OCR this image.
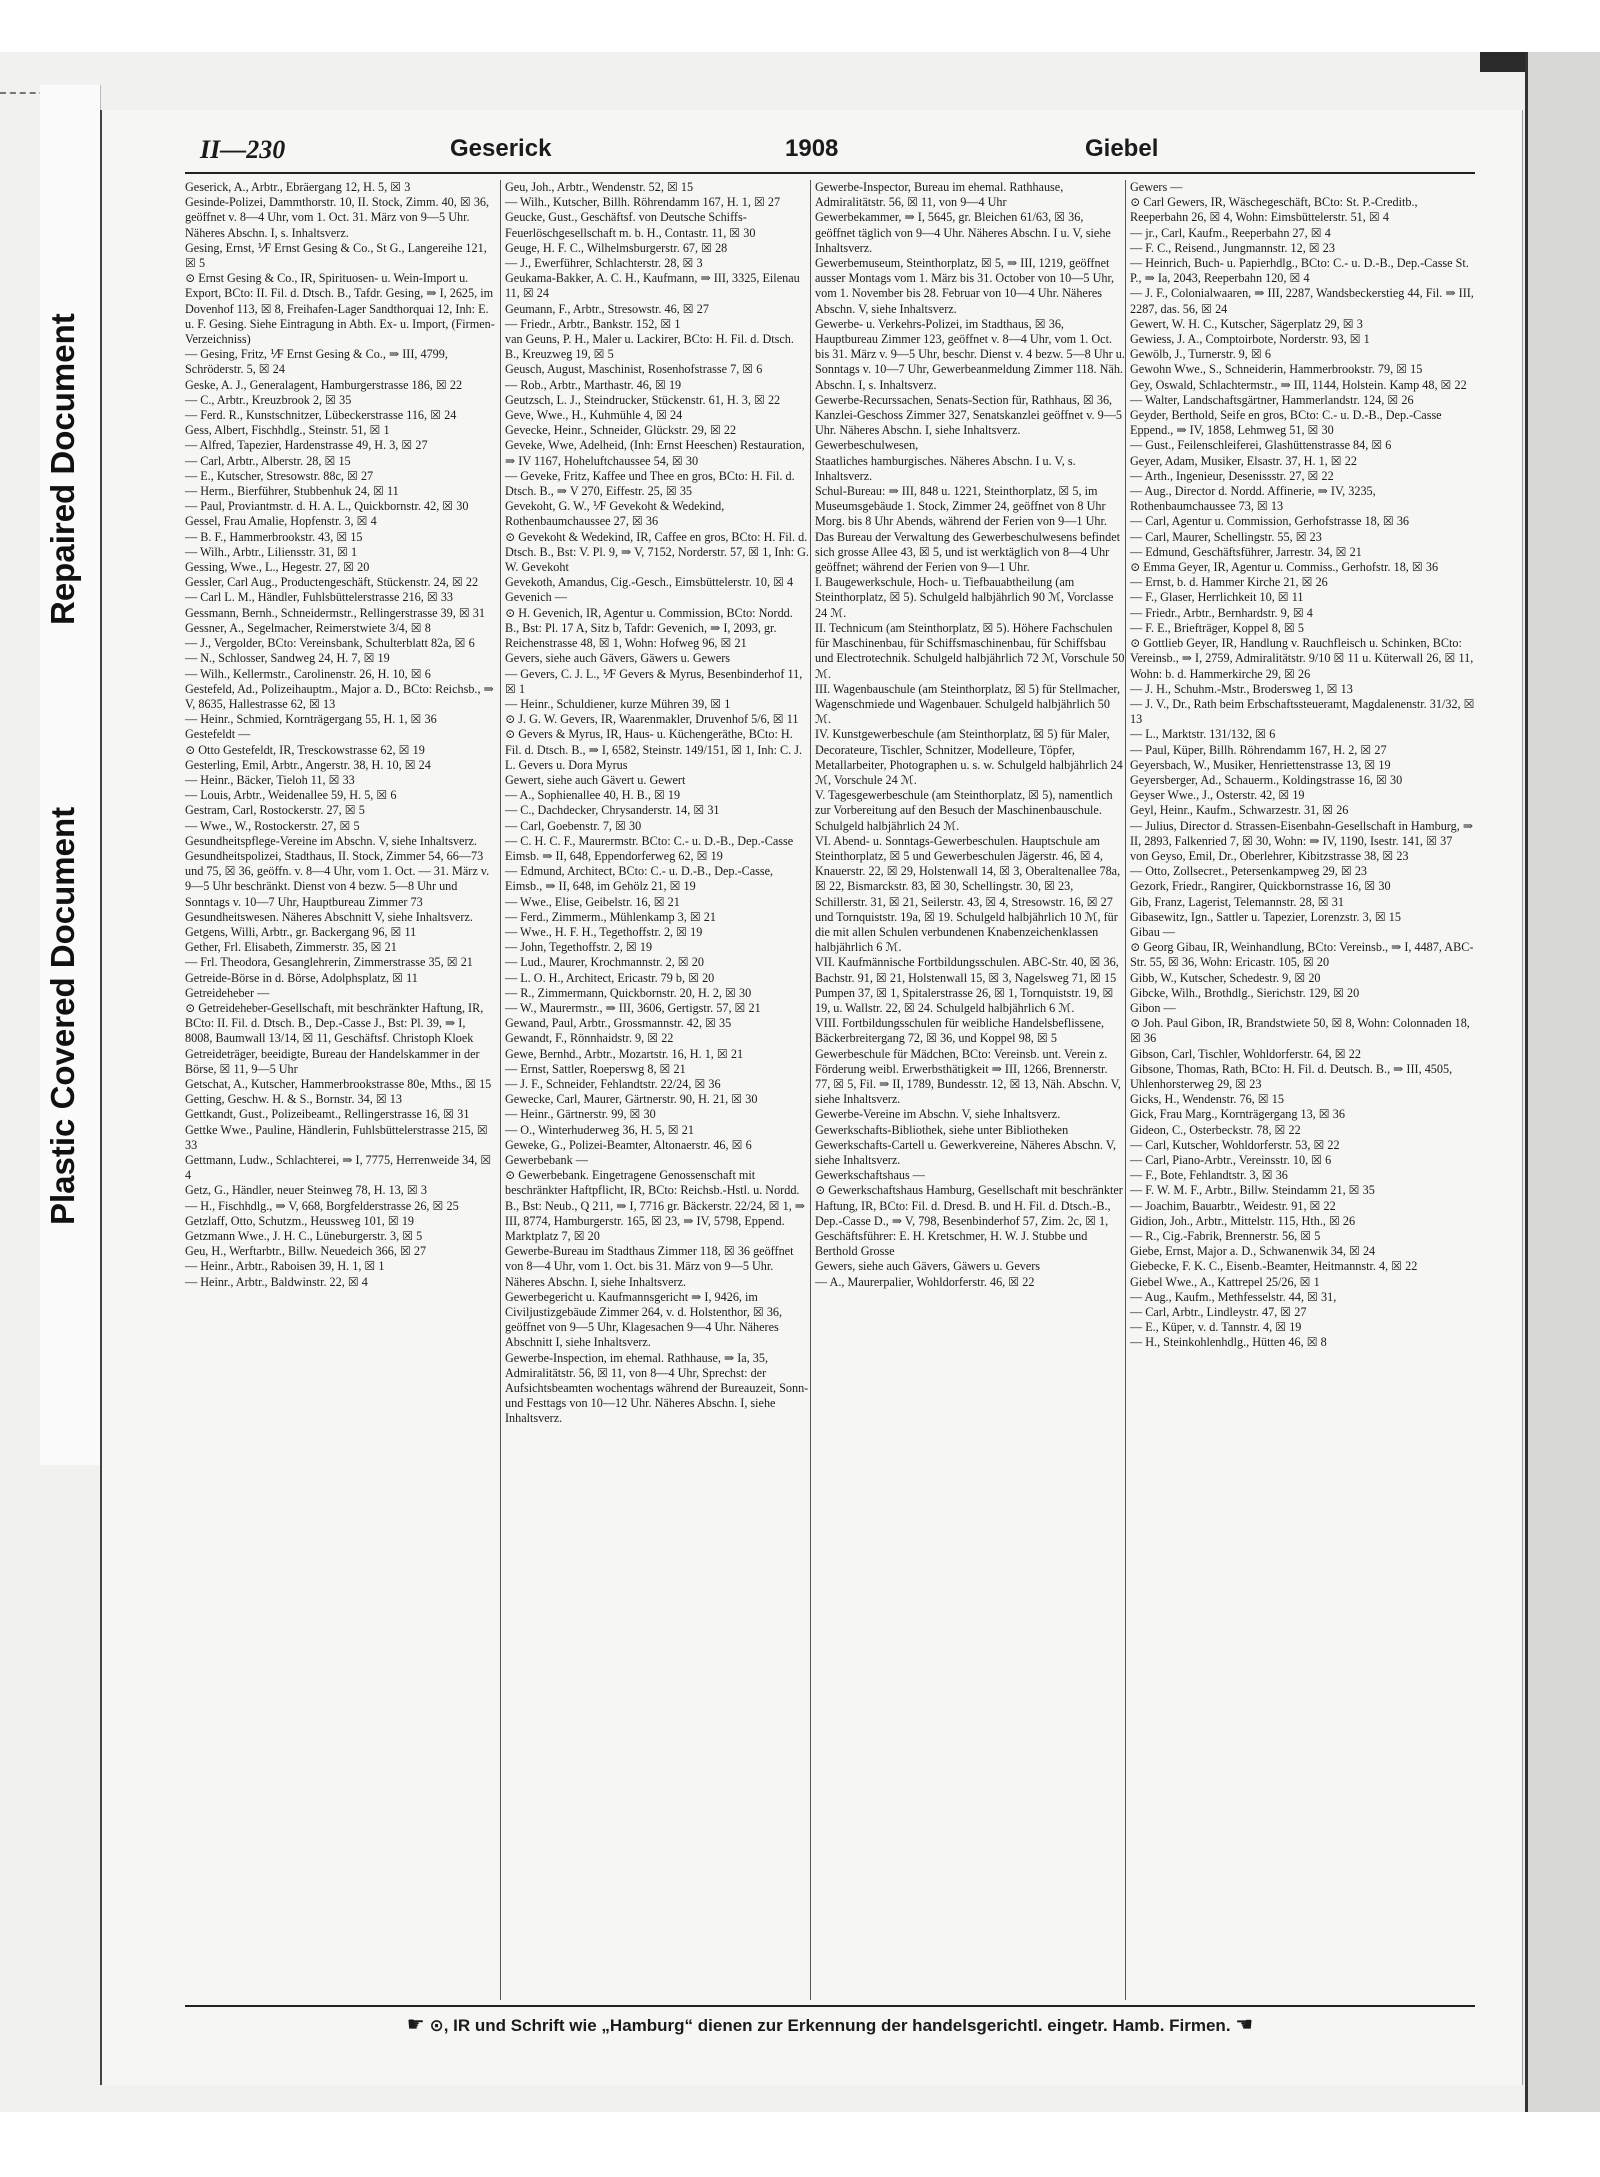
Repaired Document
Plastic Covered Document
II—230	Geserick	1908	Giebel

Geserick, A., Arbtr., Ebräergang 12, H. 5, ☒ 3

Gesinde-Polizei, Dammthorstr. 10, II. Stock, Zimm. 40, ☒ 36, geöffnet v. 8—4 Uhr, vom 1. Oct. 31. März von 9—5 Uhr. Näheres Abschn. I, s. Inhaltsverz.

Gesing, Ernst, ⅟F Ernst Gesing & Co., St G., Langereihe 121, ☒ 5

⊙ Ernst Gesing & Co., IR, Spirituosen- u. Wein-Import u. Export, BCto: II. Fil. d. Dtsch. B., Tafdr. Gesing, ⇒ I, 2625, im Dovenhof 113, ☒ 8, Freihafen-Lager Sandthorquai 12, Inh: E. u. F. Gesing. Siehe Eintragung in Abth. Ex- u. Import, (Firmen-Verzeichniss)

— Gesing, Fritz, ⅟F Ernst Gesing & Co., ⇒ III, 4799, Schröderstr. 5, ☒ 24

Geske, A. J., Generalagent, Hamburgerstrasse 186, ☒ 22

— C., Arbtr., Kreuzbrook 2, ☒ 35

— Ferd. R., Kunstschnitzer, Lübeckerstrasse 116, ☒ 24

Gess, Albert, Fischhdlg., Steinstr. 51, ☒ 1

— Alfred, Tapezier, Hardenstrasse 49, H. 3, ☒ 27

— Carl, Arbtr., Alberstr. 28, ☒ 15

— E., Kutscher, Stresowstr. 88c, ☒ 27

— Herm., Bierführer, Stubbenhuk 24, ☒ 11

— Paul, Proviantmstr. d. H. A. L., Quickbornstr. 42, ☒ 30

Gessel, Frau Amalie, Hopfenstr. 3, ☒ 4

— B. F., Hammerbrookstr. 43, ☒ 15

— Wilh., Arbtr., Liliensstr. 31, ☒ 1

Gessing, Wwe., L., Hegestr. 27, ☒ 20

Gessler, Carl Aug., Productengeschäft, Stückenstr. 24, ☒ 22

— Carl L. M., Händler, Fuhlsbüttelerstrasse 216, ☒ 33

Gessmann, Bernh., Schneidermstr., Rellingerstrasse 39, ☒ 31

Gessner, A., Segelmacher, Reimerstwiete 3/4, ☒ 8

— J., Vergolder, BCto: Vereinsbank, Schulterblatt 82a, ☒ 6

— N., Schlosser, Sandweg 24, H. 7, ☒ 19

— Wilh., Kellermstr., Carolinenstr. 26, H. 10, ☒ 6

Gestefeld, Ad., Polizeihauptm., Major a. D., BCto: Reichsb., ⇒ V, 8635, Hallestrasse 62, ☒ 13

— Heinr., Schmied, Kornträgergang 55, H. 1, ☒ 36

Gestefeldt —

⊙ Otto Gestefeldt, IR, Tresckowstrasse 62, ☒ 19

Gesterling, Emil, Arbtr., Angerstr. 38, H. 10, ☒ 24

— Heinr., Bäcker, Tieloh 11, ☒ 33

— Louis, Arbtr., Weidenallee 59, H. 5, ☒ 6

Gestram, Carl, Rostockerstr. 27, ☒ 5

— Wwe., W., Rostockerstr. 27, ☒ 5

Gesundheitspflege-Vereine im Abschn. V, siehe Inhaltsverz.

Gesundheitspolizei, Stadthaus, II. Stock, Zimmer 54, 66—73 und 75, ☒ 36, geöffn. v. 8—4 Uhr, vom 1. Oct. — 31. März v. 9—5 Uhr beschränkt. Dienst von 4 bezw. 5—8 Uhr und Sonntags v. 10—7 Uhr, Hauptbureau Zimmer 73

Gesundheitswesen. Näheres Abschnitt V, siehe Inhaltsverz.

Getgens, Willi, Arbtr., gr. Backergang 96, ☒ 11

Gether, Frl. Elisabeth, Zimmerstr. 35, ☒ 21

— Frl. Theodora, Gesanglehrerin, Zimmerstrasse 35, ☒ 21

Getreide-Börse in d. Börse, Adolphsplatz, ☒ 11

Getreideheber —

⊙ Getreideheber-Gesellschaft, mit beschränkter Haftung, IR, BCto: II. Fil. d. Dtsch. B., Dep.-Casse J., Bst: Pl. 39, ⇒ I, 8008, Baumwall 13/14, ☒ 11, Geschäftsf. Christoph Kloek

Getreideträger, beeidigte, Bureau der Handelskammer in der Börse, ☒ 11, 9—5 Uhr

Getschat, A., Kutscher, Hammerbrookstrasse 80e, Mths., ☒ 15

Getting, Geschw. H. & S., Bornstr. 34, ☒ 13

Gettkandt, Gust., Polizeibeamt., Rellingerstrasse 16, ☒ 31

Gettke Wwe., Pauline, Händlerin, Fuhlsbüttelerstrasse 215, ☒ 33

Gettmann, Ludw., Schlachterei, ⇒ I, 7775, Herrenweide 34, ☒ 4

Getz, G., Händler, neuer Steinweg 78, H. 13, ☒ 3

— H., Fischhdlg., ⇒ V, 668, Borgfelderstrasse 26, ☒ 25

Getzlaff, Otto, Schutzm., Heussweg 101, ☒ 19

Getzmann Wwe., J. H. C., Lüneburgerstr. 3, ☒ 5

Geu, H., Werftarbtr., Billw. Neuedeich 366, ☒ 27

— Heinr., Arbtr., Raboisen 39, H. 1, ☒ 1

— Heinr., Arbtr., Baldwinstr. 22, ☒ 4

Geu, Joh., Arbtr., Wendenstr. 52, ☒ 15

— Wilh., Kutscher, Billh. Röhrendamm 167, H. 1, ☒ 27

Geucke, Gust., Geschäftsf. von Deutsche Schiffs-Feuerlöschgesellschaft m. b. H., Contastr. 11, ☒ 30

Geuge, H. F. C., Wilhelmsburgerstr. 67, ☒ 28

— J., Ewerführer, Schlachterstr. 28, ☒ 3

Geukama-Bakker, A. C. H., Kaufmann, ⇒ III, 3325, Eilenau 11, ☒ 24

Geumann, F., Arbtr., Stresowstr. 46, ☒ 27

— Friedr., Arbtr., Bankstr. 152, ☒ 1

van Geuns, P. H., Maler u. Lackirer, BCto: H. Fil. d. Dtsch. B., Kreuzweg 19, ☒ 5

Geusch, August, Maschinist, Rosenhofstrasse 7, ☒ 6

— Rob., Arbtr., Marthastr. 46, ☒ 19

Geutzsch, L. J., Steindrucker, Stückenstr. 61, H. 3, ☒ 22

Geve, Wwe., H., Kuhmühle 4, ☒ 24

Gevecke, Heinr., Schneider, Glückstr. 29, ☒ 22

Geveke, Wwe, Adelheid, (Inh: Ernst Heeschen) Restauration, ⇒ IV 1167, Hoheluftchaussee 54, ☒ 30

— Geveke, Fritz, Kaffee und Thee en gros, BCto: H. Fil. d. Dtsch. B., ⇒ V 270, Eiffestr. 25, ☒ 35

Gevekoht, G. W., ⅟F Gevekoht & Wedekind, Rothenbaumchaussee 27, ☒ 36

⊙ Gevekoht & Wedekind, IR, Caffee en gros, BCto: H. Fil. d. Dtsch. B., Bst: V. Pl. 9, ⇒ V, 7152, Norderstr. 57, ☒ 1, Inh: G. W. Gevekoht

Gevekoth, Amandus, Cig.-Gesch., Eimsbüttelerstr. 10, ☒ 4

Gevenich —

⊙ H. Gevenich, IR, Agentur u. Commission, BCto: Nordd. B., Bst: Pl. 17 A, Sitz b, Tafdr: Gevenich, ⇒ I, 2093, gr. Reichenstrasse 48, ☒ 1, Wohn: Hofweg 96, ☒ 21

Gevers, siehe auch Gävers, Gäwers u. Gewers

— Gevers, C. J. L., ⅟F Gevers & Myrus, Besenbinderhof 11, ☒ 1

— Heinr., Schuldiener, kurze Mühren 39, ☒ 1

⊙ J. G. W. Gevers, IR, Waarenmakler, Druvenhof 5/6, ☒ 11

⊙ Gevers & Myrus, IR, Haus- u. Küchengeräthe, BCto: H. Fil. d. Dtsch. B., ⇒ I, 6582, Steinstr. 149/151, ☒ 1, Inh: C. J. L. Gevers u. Dora Myrus

Gewert, siehe auch Gävert u. Gewert

— A., Sophienallee 40, H. B., ☒ 19

— C., Dachdecker, Chrysanderstr. 14, ☒ 31

— Carl, Goebenstr. 7, ☒ 30

— C. H. C. F., Maurermstr. BCto: C.- u. D.-B., Dep.-Casse Eimsb. ⇒ II, 648, Eppendorferweg 62, ☒ 19

— Edmund, Architect, BCto: C.- u. D.-B., Dep.-Casse, Eimsb., ⇒ II, 648, im Gehölz 21, ☒ 19

— Wwe., Elise, Geibelstr. 16, ☒ 21

— Ferd., Zimmerm., Mühlenkamp 3, ☒ 21

— Wwe., H. F. H., Tegethoffstr. 2, ☒ 19

— John, Tegethoffstr. 2, ☒ 19

— Lud., Maurer, Krochmannstr. 2, ☒ 20

— L. O. H., Architect, Ericastr. 79 b, ☒ 20

— R., Zimmermann, Quickbornstr. 20, H. 2, ☒ 30

— W., Maurermstr., ⇒ III, 3606, Gertigstr. 57, ☒ 21

Gewand, Paul, Arbtr., Grossmannstr. 42, ☒ 35

Gewandt, F., Rönnhaidstr. 9, ☒ 22

Gewe, Bernhd., Arbtr., Mozartstr. 16, H. 1, ☒ 21

— Ernst, Sattler, Roeperswg 8, ☒ 21

— J. F., Schneider, Fehlandtstr. 22/24, ☒ 36

Gewecke, Carl, Maurer, Gärtnerstr. 90, H. 21, ☒ 30

— Heinr., Gärtnerstr. 99, ☒ 30

— O., Winterhuderweg 36, H. 5, ☒ 21

Geweke, G., Polizei-Beamter, Altonaerstr. 46, ☒ 6

Gewerbebank —

⊙ Gewerbebank. Eingetragene Genossenschaft mit beschränkter Haftpflicht, IR, BCto: Reichsb.-Hstl. u. Nordd. B., Bst: Neub., Q 211, ⇒ I, 7716 gr. Bäckerstr. 22/24, ☒ 1, ⇒ III, 8774, Hamburgerstr. 165, ☒ 23, ⇒ IV, 5798, Eppend. Marktplatz 7, ☒ 20

Gewerbe-Bureau im Stadthaus Zimmer 118, ☒ 36 geöffnet von 8—4 Uhr, vom 1. Oct. bis 31. März von 9—5 Uhr. Näheres Abschn. I, siehe Inhaltsverz.

Gewerbegericht u. Kaufmannsgericht ⇒ I, 9426, im Civiljustizgebäude Zimmer 264, v. d. Holstenthor, ☒ 36, geöffnet von 9—5 Uhr, Klagesachen 9—4 Uhr. Näheres Abschnitt I, siehe Inhaltsverz.

Gewerbe-Inspection, im ehemal. Rathhause, ⇒ Ia, 35, Admiralitätstr. 56, ☒ 11, von 8—4 Uhr, Sprechst: der Aufsichtsbeamten wochentags während der Bureauzeit, Sonn- und Festtags von 10—12 Uhr. Näheres Abschn. I, siehe Inhaltsverz.

Gewerbe-Inspector, Bureau im ehemal. Rathhause, Admiralitätstr. 56, ☒ 11, von 9—4 Uhr

Gewerbekammer, ⇒ I, 5645, gr. Bleichen 61/63, ☒ 36, geöffnet täglich von 9—4 Uhr. Näheres Abschn. I u. V, siehe Inhaltsverz.

Gewerbemuseum, Steinthorplatz, ☒ 5, ⇒ III, 1219, geöffnet ausser Montags vom 1. März bis 31. October von 10—5 Uhr, vom 1. November bis 28. Februar von 10—4 Uhr. Näheres Abschn. V, siehe Inhaltsverz.

Gewerbe- u. Verkehrs-Polizei, im Stadthaus, ☒ 36, Hauptbureau Zimmer 123, geöffnet v. 8—4 Uhr, vom 1. Oct. bis 31. März v. 9—5 Uhr, beschr. Dienst v. 4 bezw. 5—8 Uhr u. Sonntags v. 10—7 Uhr, Gewerbeanmeldung Zimmer 118. Näh. Abschn. I, s. Inhaltsverz.

Gewerbe-Recurssachen, Senats-Section für, Rathhaus, ☒ 36, Kanzlei-Geschoss Zimmer 327, Senatskanzlei geöffnet v. 9—5 Uhr. Näheres Abschn. I, siehe Inhaltsverz.

Gewerbeschulwesen,

Staatliches hamburgisches. Näheres Abschn. I u. V, s. Inhaltsverz.

Schul-Bureau: ⇒ III, 848 u. 1221, Steinthorplatz, ☒ 5, im Museumsgebäude 1. Stock, Zimmer 24, geöffnet von 8 Uhr Morg. bis 8 Uhr Abends, während der Ferien von 9—1 Uhr. Das Bureau der Verwaltung des Gewerbeschulwesens befindet sich grosse Allee 43, ☒ 5, und ist werktäglich von 8—4 Uhr geöffnet; während der Ferien von 9—1 Uhr.

I. Baugewerkschule, Hoch- u. Tiefbauabtheilung (am Steinthorplatz, ☒ 5). Schulgeld halbjährlich 90 ℳ, Vorclasse 24 ℳ.

II. Technicum (am Steinthorplatz, ☒ 5). Höhere Fachschulen für Maschinenbau, für Schiffsmaschinenbau, für Schiffsbau und Electrotechnik. Schulgeld halbjährlich 72 ℳ, Vorschule 50 ℳ.

III. Wagenbauschule (am Steinthorplatz, ☒ 5) für Stellmacher, Wagenschmiede und Wagenbauer. Schulgeld halbjährlich 50 ℳ.

IV. Kunstgewerbeschule (am Steinthorplatz, ☒ 5) für Maler, Decorateure, Tischler, Schnitzer, Modelleure, Töpfer, Metallarbeiter, Photographen u. s. w. Schulgeld halbjährlich 24 ℳ, Vorschule 24 ℳ.

V. Tagesgewerbeschule (am Steinthorplatz, ☒ 5), namentlich zur Vorbereitung auf den Besuch der Maschinenbauschule. Schulgeld halbjährlich 24 ℳ.

VI. Abend- u. Sonntags-Gewerbeschulen. Hauptschule am Steinthorplatz, ☒ 5 und Gewerbeschulen Jägerstr. 46, ☒ 4, Knauerstr. 22, ☒ 29, Holstenwall 14, ☒ 3, Oberaltenallee 78a, ☒ 22, Bismarckstr. 83, ☒ 30, Schellingstr. 30, ☒ 23, Schillerstr. 31, ☒ 21, Seilerstr. 43, ☒ 4, Stresowstr. 16, ☒ 27 und Tornquiststr. 19a, ☒ 19. Schulgeld halbjährlich 10 ℳ, für die mit allen Schulen verbundenen Knabenzeichenklassen halbjährlich 6 ℳ.

VII. Kaufmännische Fortbildungsschulen. ABC-Str. 40, ☒ 36, Bachstr. 91, ☒ 21, Holstenwall 15, ☒ 3, Nagelsweg 71, ☒ 15 Pumpen 37, ☒ 1, Spitalerstrasse 26, ☒ 1, Tornquiststr. 19, ☒ 19, u. Wallstr. 22, ☒ 24. Schulgeld halbjährlich 6 ℳ.

VIII. Fortbildungsschulen für weibliche Handelsbeflissene, Bäckerbreitergang 72, ☒ 36, und Koppel 98, ☒ 5

Gewerbeschule für Mädchen, BCto: Vereinsb. unt. Verein z. Förderung weibl. Erwerbsthätigkeit ⇒ III, 1266, Brennerstr. 77, ☒ 5, Fil. ⇒ II, 1789, Bundesstr. 12, ☒ 13, Näh. Abschn. V, siehe Inhaltsverz.

Gewerbe-Vereine im Abschn. V, siehe Inhaltsverz.

Gewerkschafts-Bibliothek, siehe unter Bibliotheken

Gewerkschafts-Cartell u. Gewerkvereine, Näheres Abschn. V, siehe Inhaltsverz.

Gewerkschaftshaus —

⊙ Gewerkschaftshaus Hamburg, Gesellschaft mit beschränkter Haftung, IR, BCto: Fil. d. Dresd. B. und H. Fil. d. Dtsch.-B., Dep.-Casse D., ⇒ V, 798, Besenbinderhof 57, Zim. 2c, ☒ 1, Geschäftsführer: E. H. Kretschmer, H. W. J. Stubbe und Berthold Grosse

Gewers, siehe auch Gävers, Gäwers u. Gevers

— A., Maurerpalier, Wohldorferstr. 46, ☒ 22

Gewers —

⊙ Carl Gewers, IR, Wäschegeschäft, BCto: St. P.-Creditb., Reeperbahn 26, ☒ 4, Wohn: Eimsbüttelerstr. 51, ☒ 4

— jr., Carl, Kaufm., Reeperbahn 27, ☒ 4

— F. C., Reisend., Jungmannstr. 12, ☒ 23

— Heinrich, Buch- u. Papierhdlg., BCto: C.- u. D.-B., Dep.-Casse St. P., ⇒ Ia, 2043, Reeperbahn 120, ☒ 4

— J. F., Colonialwaaren, ⇒ III, 2287, Wandsbeckerstieg 44, Fil. ⇒ III, 2287, das. 56, ☒ 24

Gewert, W. H. C., Kutscher, Sägerplatz 29, ☒ 3

Gewiess, J. A., Comptoirbote, Norderstr. 93, ☒ 1

Gewölb, J., Turnerstr. 9, ☒ 6

Gewohn Wwe., S., Schneiderin, Hammerbrookstr. 79, ☒ 15

Gey, Oswald, Schlachtermstr., ⇒ III, 1144, Holstein. Kamp 48, ☒ 22

— Walter, Landschaftsgärtner, Hammerlandstr. 124, ☒ 26

Geyder, Berthold, Seife en gros, BCto: C.- u. D.-B., Dep.-Casse Eppend., ⇒ IV, 1858, Lehmweg 51, ☒ 30

— Gust., Feilenschleiferei, Glashüttenstrasse 84, ☒ 6

Geyer, Adam, Musiker, Elsastr. 37, H. 1, ☒ 22

— Arth., Ingenieur, Desenissstr. 27, ☒ 22

— Aug., Director d. Nordd. Affinerie, ⇒ IV, 3235, Rothenbaumchaussee 73, ☒ 13

— Carl, Agentur u. Commission, Gerhofstrasse 18, ☒ 36

— Carl, Maurer, Schellingstr. 55, ☒ 23

— Edmund, Geschäftsführer, Jarrestr. 34, ☒ 21

⊙ Emma Geyer, IR, Agentur u. Commiss., Gerhofstr. 18, ☒ 36

— Ernst, b. d. Hammer Kirche 21, ☒ 26

— F., Glaser, Herrlichkeit 10, ☒ 11

— Friedr., Arbtr., Bernhardstr. 9, ☒ 4

— F. E., Briefträger, Koppel 8, ☒ 5

⊙ Gottlieb Geyer, IR, Handlung v. Rauchfleisch u. Schinken, BCto: Vereinsb., ⇒ I, 2759, Admiralitätstr. 9/10 ☒ 11 u. Küterwall 26, ☒ 11, Wohn: b. d. Hammerkirche 29, ☒ 26

— J. H., Schuhm.-Mstr., Brodersweg 1, ☒ 13

— J. V., Dr., Rath beim Erbschaftssteueramt, Magdalenenstr. 31/32, ☒ 13

— L., Marktstr. 131/132, ☒ 6

— Paul, Küper, Billh. Röhrendamm 167, H. 2, ☒ 27

Geyersbach, W., Musiker, Henriettenstrasse 13, ☒ 19

Geyersberger, Ad., Schauerm., Koldingstrasse 16, ☒ 30

Geyser Wwe., J., Osterstr. 42, ☒ 19

Geyl, Heinr., Kaufm., Schwarzestr. 31, ☒ 26

— Julius, Director d. Strassen-Eisenbahn-Gesellschaft in Hamburg, ⇒ II, 2893, Falkenried 7, ☒ 30, Wohn: ⇒ IV, 1190, Isestr. 141, ☒ 37

von Geyso, Emil, Dr., Oberlehrer, Kibitzstrasse 38, ☒ 23

— Otto, Zollsecret., Petersenkampweg 29, ☒ 23

Gezork, Friedr., Rangirer, Quickbornstrasse 16, ☒ 30

Gib, Franz, Lagerist, Telemannstr. 28, ☒ 31

Gibasewitz, Ign., Sattler u. Tapezier, Lorenzstr. 3, ☒ 15

Gibau —

⊙ Georg Gibau, IR, Weinhandlung, BCto: Vereinsb., ⇒ I, 4487, ABC-Str. 55, ☒ 36, Wohn: Ericastr. 105, ☒ 20

Gibb, W., Kutscher, Schedestr. 9, ☒ 20

Gibcke, Wilh., Brothdlg., Sierichstr. 129, ☒ 20

Gibon —

⊙ Joh. Paul Gibon, IR, Brandstwiete 50, ☒ 8, Wohn: Colonnaden 18, ☒ 36

Gibson, Carl, Tischler, Wohldorferstr. 64, ☒ 22

Gibsone, Thomas, Rath, BCto: H. Fil. d. Deutsch. B., ⇒ III, 4505, Uhlenhorsterweg 29, ☒ 23

Gicks, H., Wendenstr. 76, ☒ 15

Gick, Frau Marg., Kornträgergang 13, ☒ 36

Gideon, C., Osterbeckstr. 78, ☒ 22

— Carl, Kutscher, Wohldorferstr. 53, ☒ 22

— Carl, Piano-Arbtr., Vereinsstr. 10, ☒ 6

— F., Bote, Fehlandtstr. 3, ☒ 36

— F. W. M. F., Arbtr., Billw. Steindamm 21, ☒ 35

— Joachim, Bauarbtr., Weidestr. 91, ☒ 22

Gidion, Joh., Arbtr., Mittelstr. 115, Hth., ☒ 26

— R., Cig.-Fabrik, Brennerstr. 56, ☒ 5

Giebe, Ernst, Major a. D., Schwanenwik 34, ☒ 24

Giebecke, F. K. C., Eisenb.-Beamter, Heitmannstr. 4, ☒ 22

Giebel Wwe., A., Kattrepel 25/26, ☒ 1

— Aug., Kaufm., Methfesselstr. 44, ☒ 31,

— Carl, Arbtr., Lindleystr. 47, ☒ 27

— E., Küper, v. d. Tannstr. 4, ☒ 19

— H., Steinkohlenhdlg., Hütten 46, ☒ 8

☛ ⊙, IR und Schrift wie „Hamburg“ dienen zur Erkennung der handelsgerichtl. eingetr. Hamb. Firmen. ☚
